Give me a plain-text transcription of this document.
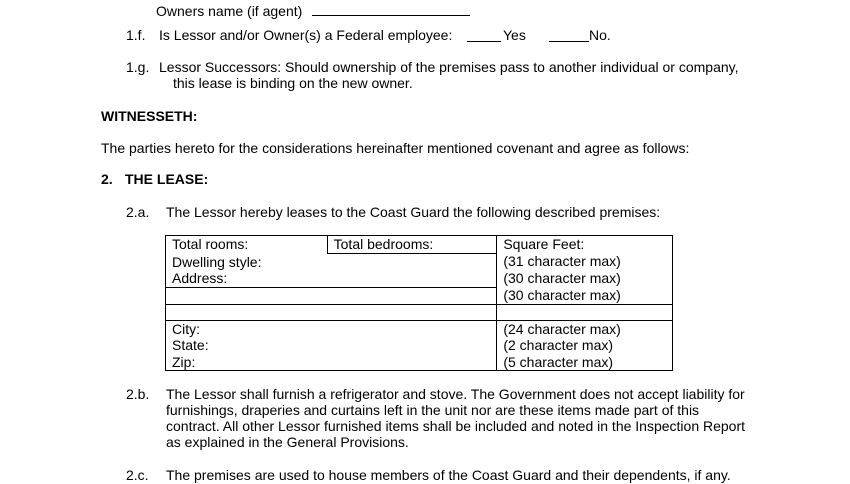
Owners name (if agent)
1.f. Is Lessor and/or Owner(s) a Federal employee:	Yes	No.
1.g. Lessor Successors: Should ownership of the premises pass to another individual or company,
this lease is binding on the new owner.
WITNESSETH:
The parties hereto for the considerations hereinafter mentioned covenant and agree as follows:
2. THE LEASE:
2.a. The Lessor hereby leases to the Coast Guard the following described premises:
Total rooms:	Total bedrooms:	Square Feet:
Dwelling style:		(31 character max)
Address:		(30 character max)
		(30 character max)

City:		(24 character max)
State:		(2 character max)
Zip:		(5 character max)
2.b. The Lessor shall furnish a refrigerator and stove. The Government does not accept liability for
furnishings, draperies and curtains left in the unit nor are these items made part of this
contract. All other Lessor furnished items shall be included and noted in the Inspection Report
as explained in the General Provisions.
2.c. The premises are used to house members of the Coast Guard and their dependents, if any.
